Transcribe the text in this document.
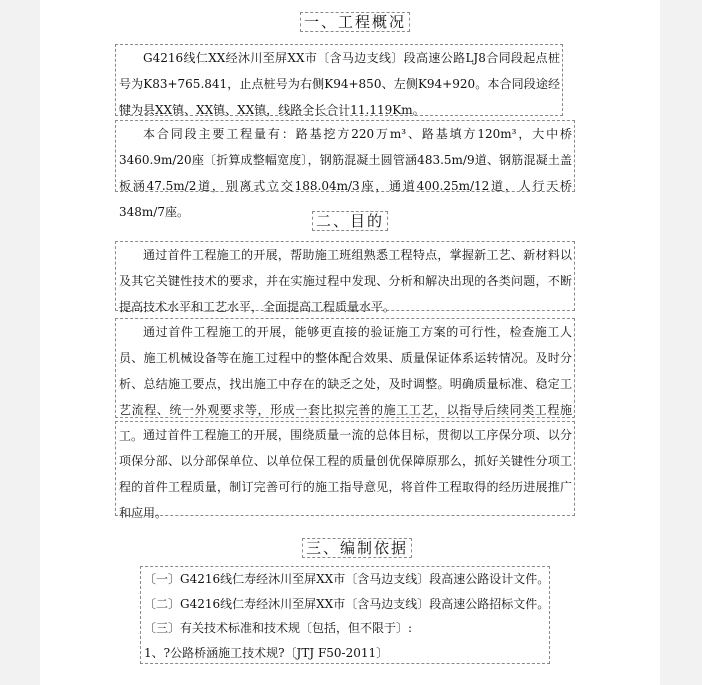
一、工程概况

G4216线仁XX经沐川至屏XX市〔含马边支线〕段高速公路LJ8合同段起点桩号为K83+765.841，止点桩号为右侧K94+850、左侧K94+920。本合同段途经犍为县XX镇、XX镇、XX镇，线路全长合计11.119Km。

本合同段主要工程量有：路基挖方220万m³、路基填方120m³，大中桥3460.9m/20座〔折算成整幅宽度〕，钢筋混凝土圆管涵483.5m/9道、钢筋混凝土盖板涵47.5m/2道，别离式立交188.04m/3座，通道400.25m/12道，人行天桥348m/7座。	二、目的

通过首件工程施工的开展，帮助施工班组熟悉工程特点，掌握新工艺、新材料以及其它关键性技术的要求，并在实施过程中发现、分析和解决出现的各类问题，不断提高技术水平和工艺水平，全面提高工程质量水平。

通过首件工程施工的开展，能够更直接的验证施工方案的可行性，检查施工人员、施工机械设备等在施工过程中的整体配合效果、质量保证体系运转情况。及时分析、总结施工要点，找出施工中存在的缺乏之处，及时调整。明确质量标准、稳定工艺流程、统一外观要求等，形成一套比拟完善的施工工艺，以指导后续同类工程施工。 通过首件工程施工的开展，围绕质量一流的总体目标，贯彻以工序保分项、以分项保分部、以分部保单位、以单位保工程的质量创优保障原那么，抓好关键性分项工程的首件工程质量，制订完善可行的施工指导意见，将首件工程取得的经历进展推广和应用。

三、编制依据
〔一〕G4216线仁寿经沐川至屏XX市〔含马边支线〕段高速公路设计文件。
〔二〕G4216线仁寿经沐川至屏XX市〔含马边支线〕段高速公路招标文件。
〔三〕有关技术标准和技术规〔包括，但不限于〕:
1、?公路桥涵施工技术规?〔JTJ F50-2011〕
